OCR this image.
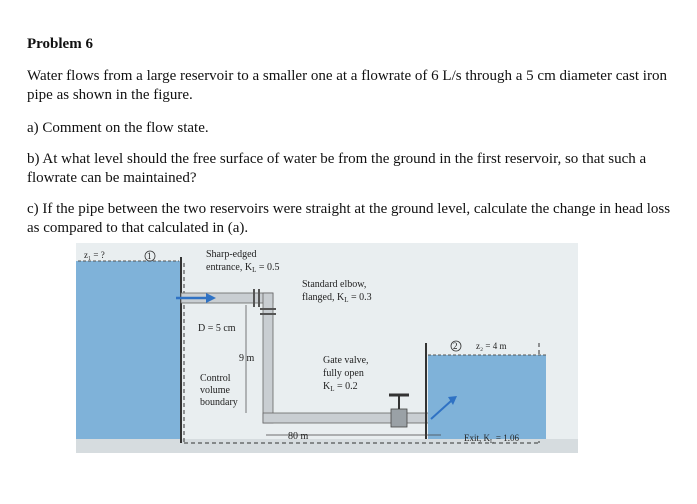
Problem 6
Water flows from a large reservoir to a smaller one at a flowrate of 6 L/s through a 5 cm diameter cast iron pipe as shown in the figure.
a) Comment on the flow state.
b) At what level should the free surface of water be from the ground in the first reservoir, so that such a flowrate can be maintained?
c) If the pipe between the two reservoirs were straight at the ground level, calculate the change in head loss as compared to that calculated in (a).
1
2
z₁ = ?	Sharp-edged
entrance, $K_L = 0.5$
Standard elbow,
flanged, $K_L = 0.3$
D = 5 cm
9 m
Control
volume
boundary
Gate valve,
fully open
$K_L = 0.2$
80 m
z₂ = 4 m
Exit, $K_L = 1.06$
